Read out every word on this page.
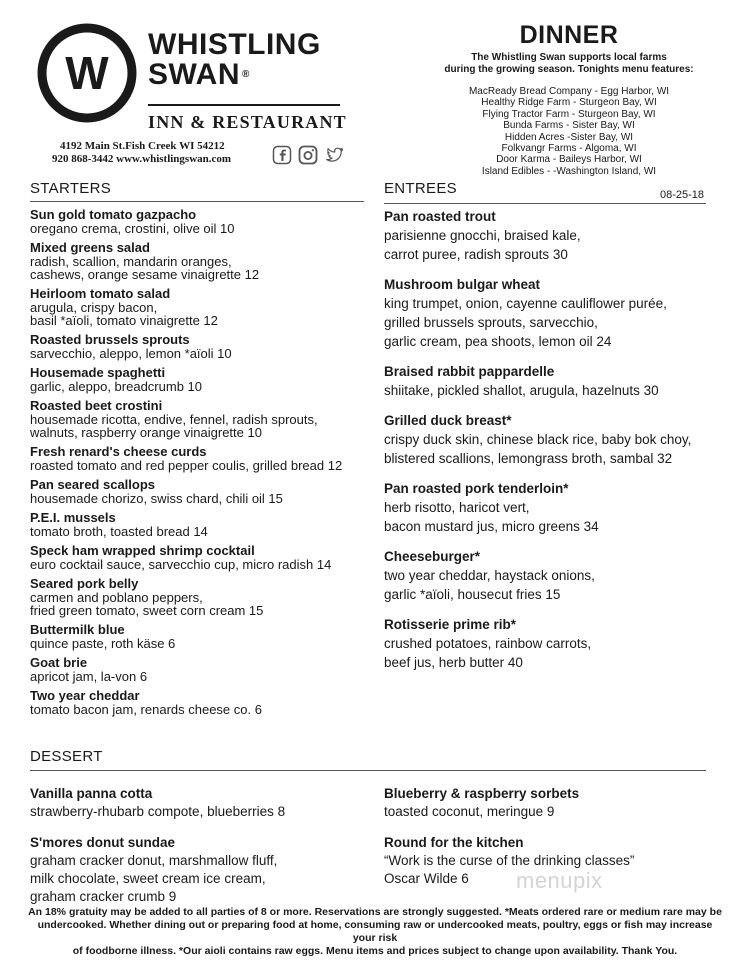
W
WHISTLING
SWAN ®
INN & RESTAURANT
4192 Main St.Fish Creek WI 54212
920 868-3442 www.whistlingswan.com
DINNER
The Whistling Swan supports local farms
during the growing season. Tonights menu features:
MacReady Bread Company - Egg Harbor, WI
Healthy Ridge Farm - Sturgeon Bay, WI
Flying Tractor Farm - Sturgeon Bay, WI
Bunda Farms - Sister Bay, WI
Hidden Acres -Sister Bay, WI
Folkvangr Farms - Algoma, WI
Door Karma - Baileys Harbor, WI
Island Edibles - -Washington Island, WI
STARTERS	ENTREES	08-25-18
Sun gold tomato gazpacho
oregano crema, crostini, olive oil 10
Mixed greens salad
radish, scallion, mandarin oranges,
cashews, orange sesame vinaigrette 12
Heirloom tomato salad
arugula, crispy bacon,
basil *aïoli, tomato vinaigrette 12
Roasted brussels sprouts
sarvecchio, aleppo, lemon *aïoli 10
Housemade spaghetti
garlic, aleppo, breadcrumb 10
Roasted beet crostini
housemade ricotta, endive, fennel, radish sprouts,
walnuts, raspberry orange vinaigrette 10
Fresh renard's cheese curds
roasted tomato and red pepper coulis, grilled bread 12
Pan seared scallops
housemade chorizo, swiss chard, chili oil 15
P.E.I. mussels
tomato broth, toasted bread 14
Speck ham wrapped shrimp cocktail
euro cocktail sauce, sarvecchio cup, micro radish 14
Seared pork belly
carmen and poblano peppers,
fried green tomato, sweet corn cream 15
Buttermilk blue
quince paste, roth käse 6
Goat brie
apricot jam, la-von 6
Two year cheddar
tomato bacon jam, renards cheese co. 6
Pan roasted trout
parisienne gnocchi, braised kale,
carrot puree, radish sprouts 30
Mushroom bulgar wheat
king trumpet, onion, cayenne cauliflower purée,
grilled brussels sprouts, sarvecchio,
garlic cream, pea shoots, lemon oil 24
Braised rabbit pappardelle
shiitake, pickled shallot, arugula, hazelnuts 30
Grilled duck breast*
crispy duck skin, chinese black rice, baby bok choy,
blistered scallions, lemongrass broth, sambal 32
Pan roasted pork tenderloin*
herb risotto, haricot vert,
bacon mustard jus, micro greens 34
Cheeseburger*
two year cheddar, haystack onions,
garlic *aïoli, housecut fries 15
Rotisserie prime rib*
crushed potatoes, rainbow carrots,
beef jus, herb butter 40
DESSERT
Vanilla panna cotta
strawberry-rhubarb compote, blueberries 8
S'mores donut sundae
graham cracker donut, marshmallow fluff,
milk chocolate, sweet cream ice cream,
graham cracker crumb 9
Blueberry & raspberry sorbets
toasted coconut, meringue 9
Round for the kitchen
“Work is the curse of the drinking classes”
Oscar Wilde 6	menupix
An 18% gratuity may be added to all parties of 8 or more. Reservations are strongly suggested. *Meats ordered rare or medium rare may be
undercooked. Whether dining out or preparing food at home, consuming raw or undercooked meats, poultry, eggs or fish may increase your risk
of foodborne illness. *Our aioli contains raw eggs. Menu items and prices subject to change upon availability. Thank You.
